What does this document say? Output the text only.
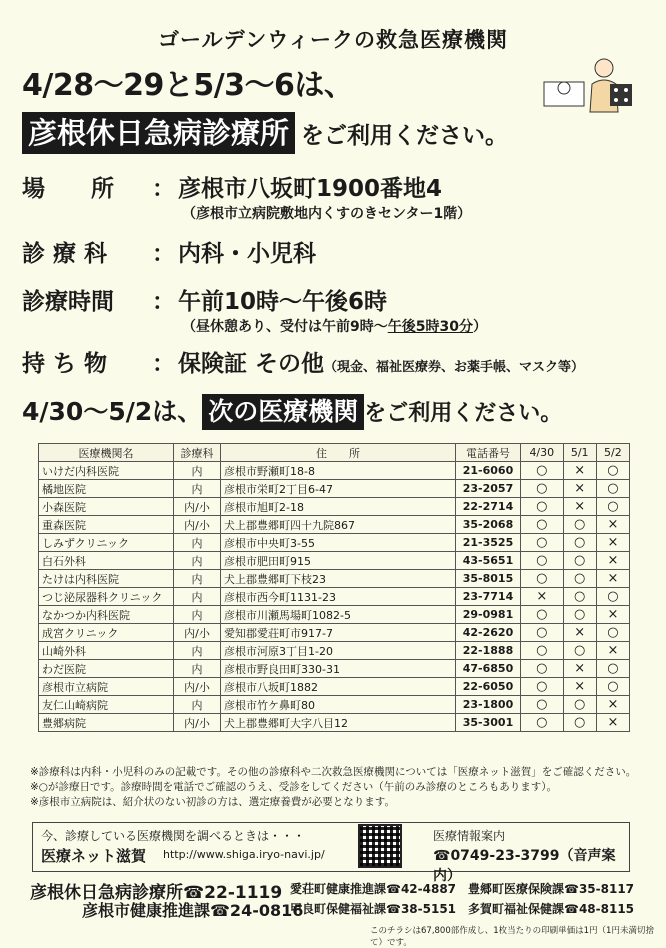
ゴールデンウィークの救急医療機関
4/28〜29と5/3〜6は、
彦根休日急病診療所 をご利用ください。
場　　所 ： 彦根市八坂町1900番地4
（彦根市立病院敷地内くすのきセンター1階）
診 療 科 ： 内科・小児科
診療時間 ： 午前10時〜午後6時
（昼休憩あり、受付は午前9時〜午後5時30分）
持 ち 物 ： 保険証 その他（現金、福祉医療券、お薬手帳、マスク等）
4/30〜5/2は、 次の医療機関 をご利用ください。
医療機関名	診療科	住　　所	電話番号	4/30	5/1	5/2
いけだ内科医院	内	彦根市野瀬町18-8	21-6060	○	×	○
橘地医院	内	彦根市栄町2丁目6-47	23-2057	○	×	○
小森医院	内/小	彦根市旭町2-18	22-2714	○	×	○
重森医院	内/小	犬上郡豊郷町四十九院867	35-2068	○	○	×
しみずクリニック	内	彦根市中央町3-55	21-3525	○	○	×
白石外科	内	彦根市肥田町915	43-5651	○	○	×
たけは内科医院	内	犬上郡豊郷町下枝23	35-8015	○	○	×
つじ泌尿器科クリニック	内	彦根市西今町1131-23	23-7714	×	○	○
なかつか内科医院	内	彦根市川瀬馬場町1082-5	29-0981	○	○	×
成宮クリニック	内/小	愛知郡愛荘町市917-7	42-2620	○	×	○
山崎外科	内	彦根市河原3丁目1-20	22-1888	○	○	×
わだ医院	内	彦根市野良田町330-31	47-6850	○	×	○
彦根市立病院	内/小	彦根市八坂町1882	22-6050	○	×	○
友仁山崎病院	内	彦根市竹ケ鼻町80	23-1800	○	○	×
豊郷病院	内/小	犬上郡豊郷町大字八目12	35-3001	○	○	×
※診療科は内科・小児科のみの記載です。その他の診療科や二次救急医療機関については「医療ネット滋賀」をご確認ください。
※○が診療日です。診療時間を電話でご確認のうえ、受診をしてください（午前のみ診療のところもあります）。
※彦根市立病院は、紹介状のない初診の方は、選定療養費が必要となります。
今、診療している医療機関を調べるときは・・・
医療ネット滋賀 http://www.shiga.iryo-navi.jp/
医療情報案内
☎0749-23-3799（音声案内）
彦根休日急病診療所☎22-1119
彦根市健康推進課☎24-0816
愛荘町健康推進課☎42-4887 豊郷町医療保険課☎35-8117
甲良町保健福祉課☎38-5151 多賀町福祉保健課☎48-8115
このチラシは67,800部作成し、1枚当たりの印刷単価は1円（1円未満切捨て）です。
